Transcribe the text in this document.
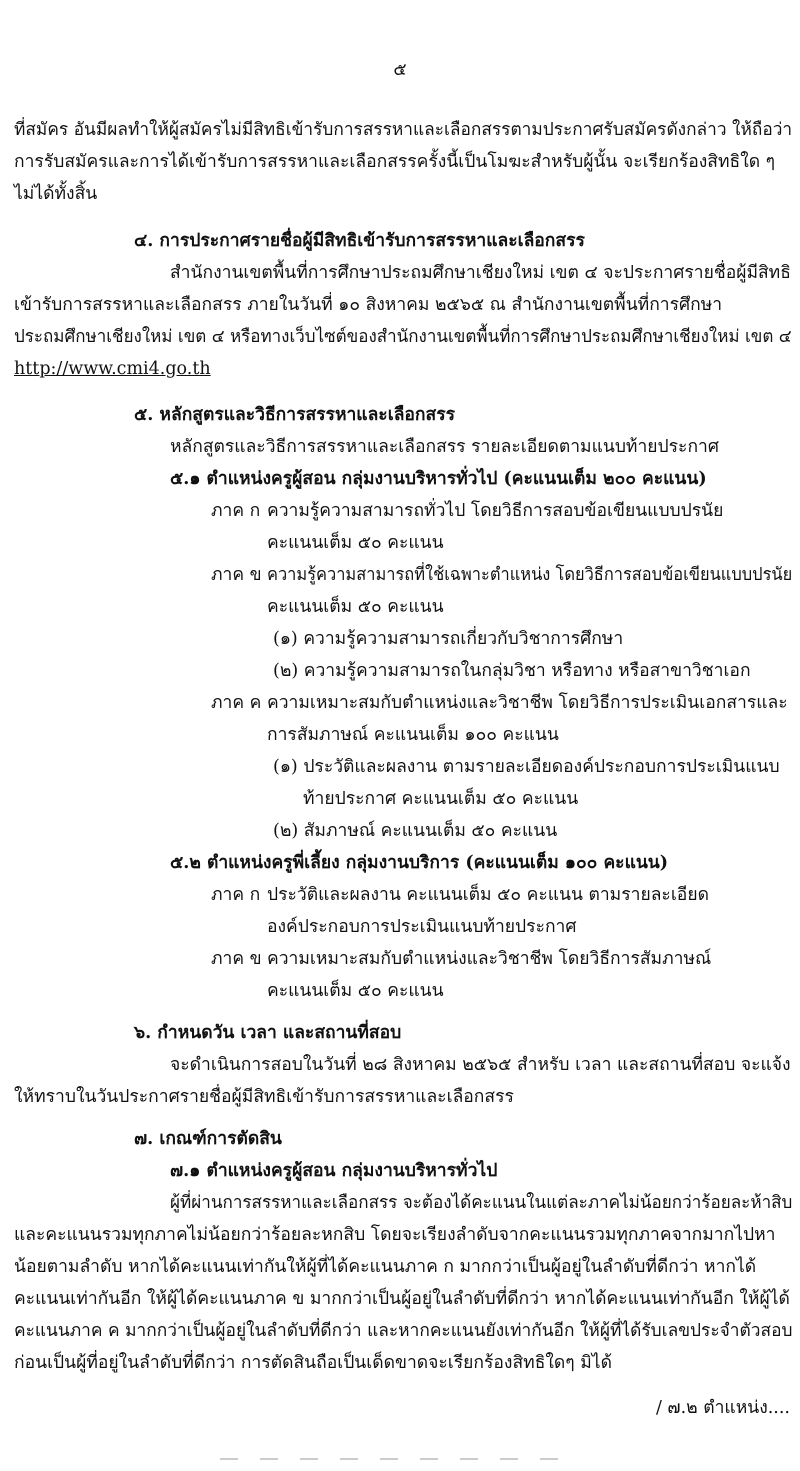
๕
ที่สมัคร อันมีผลทำให้ผู้สมัครไม่มีสิทธิเข้ารับการสรรหาและเลือกสรรตามประกาศรับสมัครดังกล่าว ให้ถือว่า
การรับสมัครและการได้เข้ารับการสรรหาและเลือกสรรครั้งนี้เป็นโมฆะสำหรับผู้นั้น จะเรียกร้องสิทธิใด ๆ
ไม่ได้ทั้งสิ้น
๔. การประกาศรายชื่อผู้มีสิทธิเข้ารับการสรรหาและเลือกสรร
สำนักงานเขตพื้นที่การศึกษาประถมศึกษาเชียงใหม่ เขต ๔ จะประกาศรายชื่อผู้มีสิทธิ
เข้ารับการสรรหาและเลือกสรร ภายในวันที่ ๑๐ สิงหาคม ๒๕๖๕ ณ สำนักงานเขตพื้นที่การศึกษา
ประถมศึกษาเชียงใหม่ เขต ๔ หรือทางเว็บไซต์ของสำนักงานเขตพื้นที่การศึกษาประถมศึกษาเชียงใหม่ เขต ๔
http://www.cmi4.go.th
๕. หลักสูตรและวิธีการสรรหาและเลือกสรร
หลักสูตรและวิธีการสรรหาและเลือกสรร รายละเอียดตามแนบท้ายประกาศ
๕.๑ ตำแหน่งครูผู้สอน กลุ่มงานบริหารทั่วไป (คะแนนเต็ม ๒๐๐ คะแนน)
ภาค ก ความรู้ความสามารถทั่วไป โดยวิธีการสอบข้อเขียนแบบปรนัย
คะแนนเต็ม ๕๐ คะแนน
ภาค ข ความรู้ความสามารถที่ใช้เฉพาะตำแหน่ง โดยวิธีการสอบข้อเขียนแบบปรนัย
คะแนนเต็ม ๕๐ คะแนน
(๑) ความรู้ความสามารถเกี่ยวกับวิชาการศึกษา
(๒) ความรู้ความสามารถในกลุ่มวิชา หรือทาง หรือสาขาวิชาเอก
ภาค ค ความเหมาะสมกับตำแหน่งและวิชาชีพ โดยวิธีการประเมินเอกสารและ
การสัมภาษณ์ คะแนนเต็ม ๑๐๐ คะแนน
(๑) ประวัติและผลงาน ตามรายละเอียดองค์ประกอบการประเมินแนบ
ท้ายประกาศ คะแนนเต็ม ๕๐ คะแนน
(๒) สัมภาษณ์ คะแนนเต็ม ๕๐ คะแนน
๕.๒ ตำแหน่งครูพี่เลี้ยง กลุ่มงานบริการ (คะแนนเต็ม ๑๐๐ คะแนน)
ภาค ก ประวัติและผลงาน คะแนนเต็ม ๕๐ คะแนน ตามรายละเอียด
องค์ประกอบการประเมินแนบท้ายประกาศ
ภาค ข ความเหมาะสมกับตำแหน่งและวิชาชีพ โดยวิธีการสัมภาษณ์
คะแนนเต็ม ๕๐ คะแนน
๖. กำหนดวัน เวลา และสถานที่สอบ
จะดำเนินการสอบในวันที่ ๒๘ สิงหาคม ๒๕๖๕ สำหรับ เวลา และสถานที่สอบ จะแจ้ง
ให้ทราบในวันประกาศรายชื่อผู้มีสิทธิเข้ารับการสรรหาและเลือกสรร
๗. เกณฑ์การตัดสิน
๗.๑ ตำแหน่งครูผู้สอน กลุ่มงานบริหารทั่วไป
ผู้ที่ผ่านการสรรหาและเลือกสรร จะต้องได้คะแนนในแต่ละภาคไม่น้อยกว่าร้อยละห้าสิบ
และคะแนนรวมทุกภาคไม่น้อยกว่าร้อยละหกสิบ โดยจะเรียงลำดับจากคะแนนรวมทุกภาคจากมากไปหา
น้อยตามลำดับ หากได้คะแนนเท่ากันให้ผู้ที่ได้คะแนนภาค ก มากกว่าเป็นผู้อยู่ในลำดับที่ดีกว่า หากได้
คะแนนเท่ากันอีก ให้ผู้ได้คะแนนภาค ข มากกว่าเป็นผู้อยู่ในลำดับที่ดีกว่า หากได้คะแนนเท่ากันอีก ให้ผู้ได้
คะแนนภาค ค มากกว่าเป็นผู้อยู่ในลำดับที่ดีกว่า และหากคะแนนยังเท่ากันอีก ให้ผู้ที่ได้รับเลขประจำตัวสอบ
ก่อนเป็นผู้ที่อยู่ในลำดับที่ดีกว่า การตัดสินถือเป็นเด็ดขาดจะเรียกร้องสิทธิใดๆ มิได้
/ ๗.๒ ตำแหน่ง....
